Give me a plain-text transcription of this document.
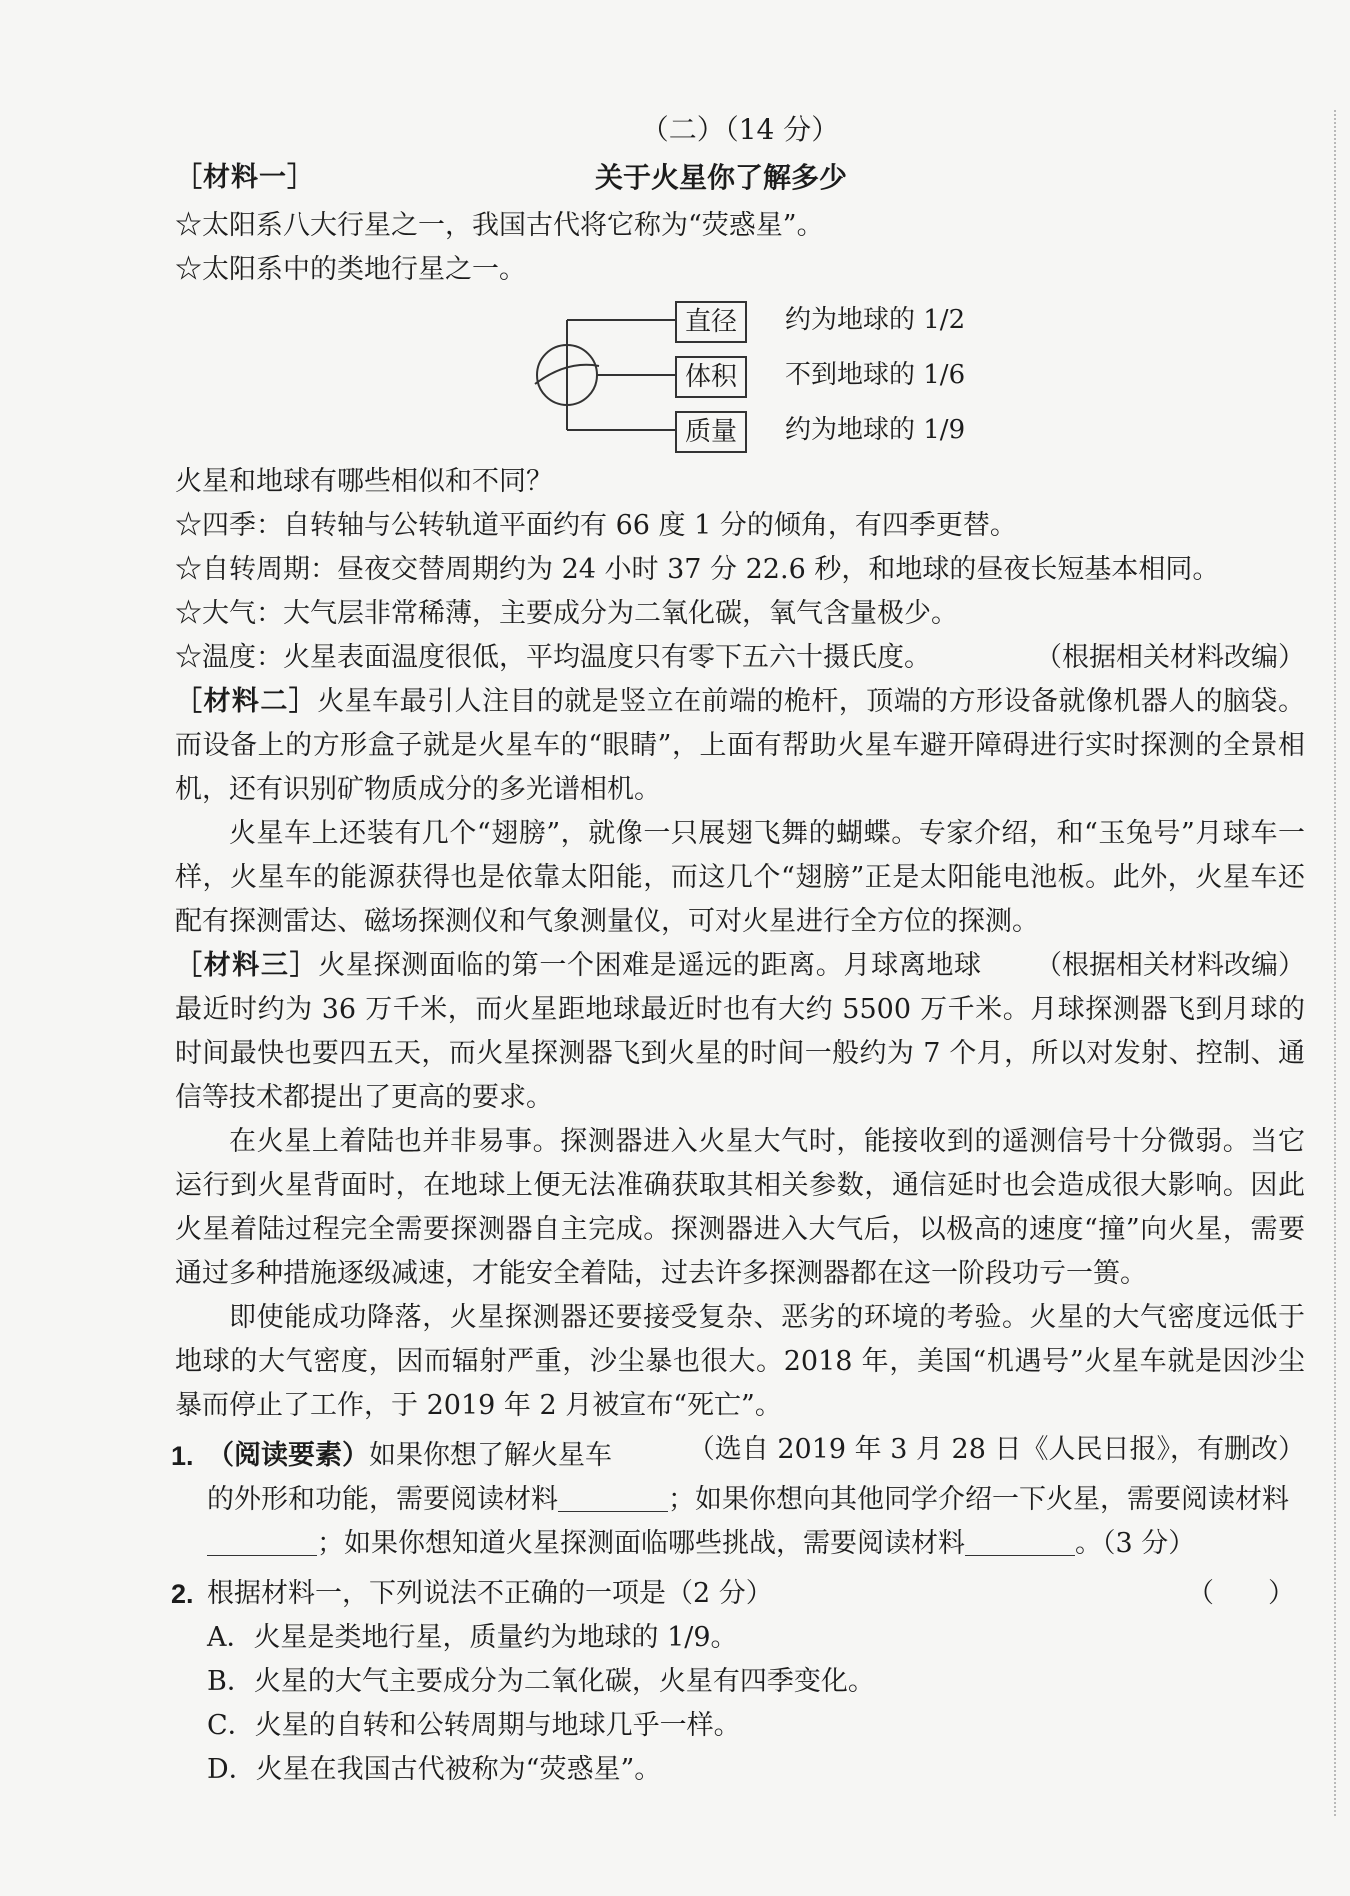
（二）（14 分）
［材料一］	关于火星你了解多少

☆太阳系八大行星之一，我国古代将它称为“荧惑星”。

☆太阳系中的类地行星之一。

直径	约为地球的 1/2
体积	不到地球的 1/6
质量	约为地球的 1/9

火星和地球有哪些相似和不同？

☆四季：自转轴与公转轨道平面约有 66 度 1 分的倾角，有四季更替。

☆自转周期：昼夜交替周期约为 24 小时 37 分 22.6 秒，和地球的昼夜长短基本相同。

☆大气：大气层非常稀薄，主要成分为二氧化碳，氧气含量极少。

☆温度：火星表面温度很低，平均温度只有零下五六十摄氏度。	（根据相关材料改编）

［材料二］火星车最引人注目的就是竖立在前端的桅杆，顶端的方形设备就像机器人的脑袋。而设备上的方形盒子就是火星车的“眼睛”，上面有帮助火星车避开障碍进行实时探测的全景相机，还有识别矿物质成分的多光谱相机。

火星车上还装有几个“翅膀”，就像一只展翅飞舞的蝴蝶。专家介绍，和“玉兔号”月球车一样，火星车的能源获得也是依靠太阳能，而这几个“翅膀”正是太阳能电池板。此外，火星车还配有探测雷达、磁场探测仪和气象测量仪，可对火星进行全方位的探测。
（根据相关材料改编）

［材料三］火星探测面临的第一个困难是遥远的距离。月球离地球最近时约为 36 万千米，而火星距地球最近时也有大约 5500 万千米。月球探测器飞到月球的时间最快也要四五天，而火星探测器飞到火星的时间一般约为 7 个月，所以对发射、控制、通信等技术都提出了更高的要求。

在火星上着陆也并非易事。探测器进入火星大气时，能接收到的遥测信号十分微弱。当它运行到火星背面时，在地球上便无法准确获取其相关参数，通信延时也会造成很大影响。因此火星着陆过程完全需要探测器自主完成。探测器进入大气后，以极高的速度“撞”向火星，需要通过多种措施逐级减速，才能安全着陆，过去许多探测器都在这一阶段功亏一篑。

即使能成功降落，火星探测器还要接受复杂、恶劣的环境的考验。火星的大气密度远低于地球的大气密度，因而辐射严重，沙尘暴也很大。2018 年，美国“机遇号”火星车就是因沙尘暴而停止了工作，于 2019 年 2 月被宣布“死亡”。
（选自 2019 年 3 月 28 日《人民日报》，有删改）

1. （阅读要素）如果你想了解火星车的外形和功能，需要阅读材料	；如果你想向其他同学介绍一下火星，需要阅读材料；如果你想知道火星探测面临哪些挑战，需要阅读材料	。（3 分）
2. 根据材料一，下列说法不正确的一项是（2 分）	（　　）

A．火星是类地行星，质量约为地球的 1/9。

B．火星的大气主要成分为二氧化碳，火星有四季变化。

C．火星的自转和公转周期与地球几乎一样。

D．火星在我国古代被称为“荧惑星”。
